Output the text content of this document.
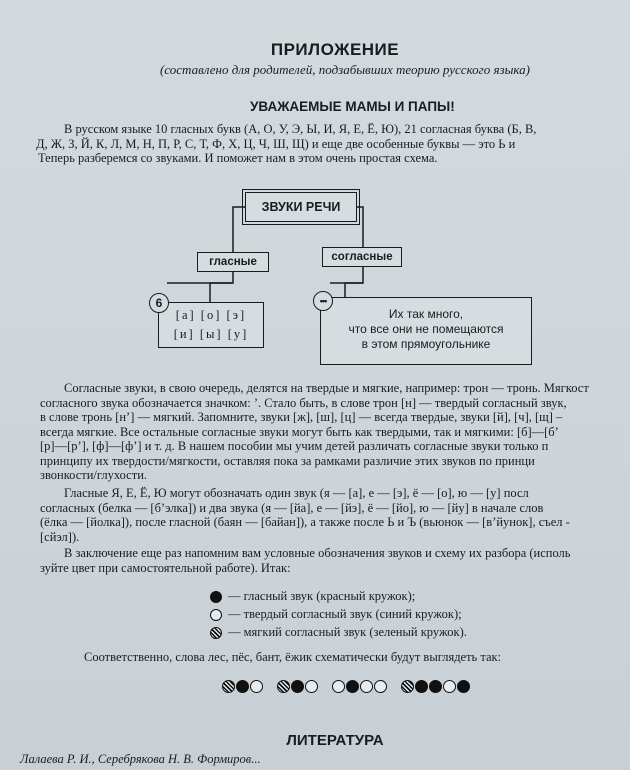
ПРИЛОЖЕНИЕ
(составлено для родителей, подзабывших теорию русского языка)
УВАЖАЕМЫЕ МАМЫ И ПАПЫ!
В русском языке 10 гласных букв (А, О, У, Э, Ы, И, Я, Е, Ё, Ю), 21 согласная буква (Б, В,
Д, Ж, З, Й, К, Л, М, Н, П, Р, С, Т, Ф, Х, Ц, Ч, Ш, Щ) и еще две особенные буквы — это Ь и
Теперь разберемся со звуками. И поможет нам в этом очень простая схема.
ЗВУКИ РЕЧИ
гласные	согласные
[а] [о] [э]
[и] [ы] [у]
6
Их так много,
что все они не помещаются
в этом прямоугольнике
•••
Согласные звуки, в свою очередь, делятся на твердые и мягкие, например: трон — тронь. Мягкост
согласного звука обозначается значком: ’. Стало быть, в слове трон [н] — твердый согласный звук,
в слове тронь [н’] — мягкий. Запомните, звуки [ж], [ш], [ц] — всегда твердые, звуки [й], [ч], [щ] –
всегда мягкие. Все остальные согласные звуки могут быть как твердыми, так и мягкими: [б]—[б’
[р]—[р’], [ф]—[ф’] и т. д. В нашем пособии мы учим детей различать согласные звуки только п
принципу их твердости/мягкости, оставляя пока за рамками различие этих звуков по принци
звонкости/глухости.
Гласные Я, Е, Ё, Ю могут обозначать один звук (я — [а], е — [э], ё — [о], ю — [у] посл
согласных (белка — [б’элка]) и два звука (я — [йа], е — [йэ], ё — [йо], ю — [йу] в начале слов
(ёлка — [йолка]), после гласной (баян — [байан]), а также после Ь и Ъ (вьюнок — [в’йунок], съел -
[сйэл]).
В заключение еще раз напомним вам условные обозначения звуков и схему их разбора (исполь
зуйте цвет при самостоятельной работе). Итак:
— гласный звук (красный кружок);
— твердый согласный звук (синий кружок);
— мягкий согласный звук (зеленый кружок).
Соответственно, слова лес, пёс, бант, ёжик схематически будут выглядеть так:
ЛИТЕРАТУРА
Лалаева Р. И., Серебрякова Н. В. Формиров...
